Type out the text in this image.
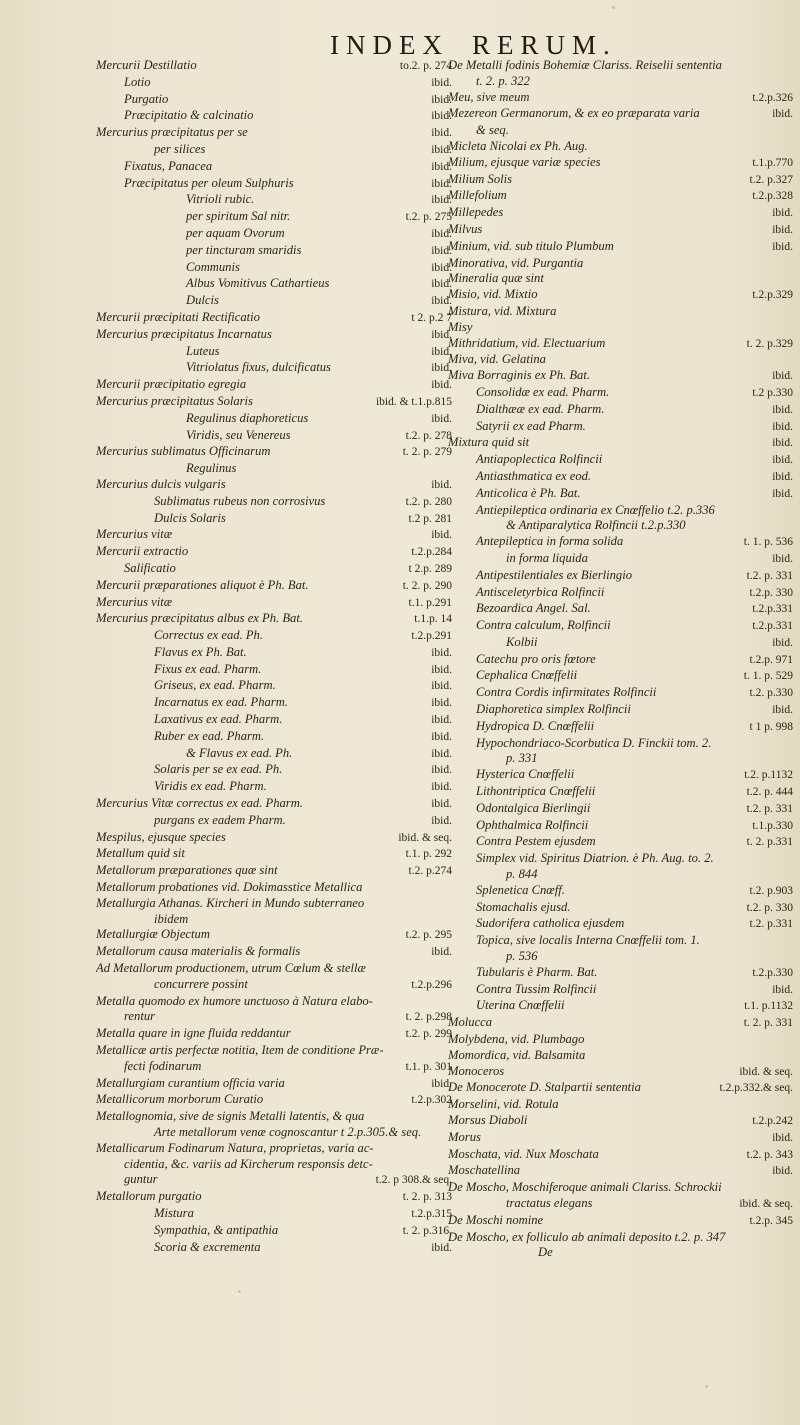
INDEX RERUM.
Mercurii Destillatio	to.2. p. 274
Lotio	ibid.
Purgatio	ibid.
Præcipitatio & calcinatio	ibid.
Mercurius præcipitatus per se	ibid.
per silices	ibid.
Fixatus, Panacea	ibid.
Præcipitatus per oleum Sulphuris	ibid.
Vitrioli rubic.	ibid.
per spiritum Sal nitr.	t.2. p. 275
per aquam Ovorum	ibid.
per tincturam smaridis	ibid.
Communis	ibid.
Albus Vomitivus Cathartieus	ibid.
Dulcis	ibid.
Mercurii præcipitati Rectificatio	t 2. p.2 7
Mercurius præcipitatus Incarnatus	ibid.
Luteus	ibid.
Vitriolatus fixus, dulcificatus	ibid.
Mercurii præcipitatio egregia	ibid.
Mercurius præcipitatus Solaris	ibid. & t.1.p.815
Regulinus diaphoreticus	ibid.
Viridis, seu Venereus	t.2. p. 278
Mercurius sublimatus Officinarum	t. 2. p. 279
Regulinus
Mercurius dulcis vulgaris	ibid.
Sublimatus rubeus non corrosivus	t.2. p. 280
Dulcis Solaris	t.2 p. 281
Mercurius vitæ	ibid.
Mercurii extractio	t.2.p.284
Salificatio	t 2.p. 289
Mercurii præparationes aliquot è Ph. Bat.	t. 2. p. 290
Mercurius vitæ	t.1. p.291
Mercurius præcipitatus albus ex Ph. Bat.	t.1.p. 14
Correctus ex ead. Ph.	t.2.p.291
Flavus ex Ph. Bat.	ibid.
Fixus ex ead. Pharm.	ibid.
Griseus, ex ead. Pharm.	ibid.
Incarnatus ex ead. Pharm.	ibid.
Laxativus ex ead. Pharm.	ibid.
Ruber ex ead. Pharm.	ibid.
& Flavus ex ead. Ph.	ibid.
Solaris per se ex ead. Ph.	ibid.
Viridis ex ead. Pharm.	ibid.
Mercurius Vitæ correctus ex ead. Pharm.	ibid.
purgans ex eadem Pharm.	ibid.
Mespilus, ejusque species	ibid. & seq.
Metallum quid sit	t.1. p. 292
Metallorum præparationes quæ sint	t.2. p.274
Metallorum probationes vid. Dokimasstice Metallica
Metallurgia Athanas. Kircheri in Mundo subterraneo
ibidem
Metallurgiæ Objectum	t.2. p. 295
Metallorum causa materialis & formalis	ibid.
Ad Metallorum productionem, utrum Cœlum & stellæ
concurrere possint	t.2.p.296
Metalla quomodo ex humore unctuoso à Natura elabo-
rentur	t. 2. p.298
Metalla quare in igne fluida reddantur	t.2. p. 299
Metallicæ artis perfectæ notitia, Item de conditione Præ-
fecti fodinarum	t.1. p. 301
Metallurgiam curantium officia varia	ibid.
Metallicorum morborum Curatio	t.2.p.302
Metallognomia, sive de signis Metalli latentis, & qua
Arte metallorum venæ cognoscantur t 2.p.305.& seq.
Metallicarum Fodinarum Natura, proprietas, varia ac-
cidentia, &c. variis ad Kircherum responsis detc-
guntur	t.2. p 308.& seq.
Metallorum purgatio	t. 2. p. 313
Mistura	t.2.p.315
Sympathia, & antipathia	t. 2. p.316.
Scoria & excrementa	ibid.
De Metalli fodinis Bohemiæ Clariss. Reiselii sententia
t. 2. p. 322
Meu, sive meum	t.2.p.326
Mezereon Germanorum, & ex eo præparata varia	ibid.
& seq.
Micleta Nicolai ex Ph. Aug.
Milium, ejusque variæ species	t.1.p.770
Milium Solis	t.2. p.327
Millefolium	t.2.p.328
Millepedes	ibid.
Milvus	ibid.
Minium, vid. sub titulo Plumbum	ibid.
Minorativa, vid. Purgantia
Mineralia quæ sint
Misio, vid. Mixtio	t.2.p.329
Mistura, vid. Mixtura
Misy
Mithridatium, vid. Electuarium	t. 2. p.329
Miva, vid. Gelatina
Miva Borraginis ex Ph. Bat.	ibid.
Consolidæ ex ead. Pharm.	t.2 p.330
Dialthææ ex ead. Pharm.	ibid.
Satyrii ex ead Pharm.	ibid.
Mixtura quid sit	ibid.
Antiapoplectica Rolfincii	ibid.
Antiasthmatica ex eod.	ibid.
Anticolica è Ph. Bat.	ibid.
Antiepileptica ordinaria ex Cnœffelio t.2. p.336
& Antiparalytica Rolfincii t.2.p.330
Antepileptica in forma solida	t. 1. p. 536
in forma liquida	ibid.
Antipestilentiales ex Bierlingio	t.2. p. 331
Antisceletyrbica Rolfincii	t.2.p. 330
Bezoardica Angel. Sal.	t.2.p.331
Contra calculum, Rolfincii	t.2.p.331
Kolbii	ibid.
Catechu pro oris fœtore	t.2.p. 971
Cephalica Cnœffelii	t. 1. p. 529
Contra Cordis infirmitates Rolfincii	t.2. p.330
Diaphoretica simplex Rolfincii	ibid.
Hydropica D. Cnœffelii	t 1 p. 998
Hypochondriaco-Scorbutica D. Finckii tom. 2.
p. 331
Hysterica Cnœffelii	t.2. p.1132
Lithontriptica Cnœffelii	t.2. p. 444
Odontalgica Bierlingii	t.2. p. 331
Ophthalmica Rolfincii	t.1.p.330
Contra Pestem ejusdem	t. 2. p.331
Simplex vid. Spiritus Diatrion. è Ph. Aug. to. 2.
p. 844
Splenetica Cnœff.	t.2. p.903
Stomachalis ejusd.	t.2. p. 330
Sudorifera catholica ejusdem	t.2. p.331
Topica, sive localis Interna Cnœffelii tom. 1.
p. 536
Tubularis è Pharm. Bat.	t.2.p.330
Contra Tussim Rolfincii	ibid.
Uterina Cnœffelii	t.1. p.1132
Molucca	t. 2. p. 331
Molybdena, vid. Plumbago
Momordica, vid. Balsamita
Monoceros	ibid. & seq.
De Monocerote D. Stalpartii sententia	t.2.p.332.& seq.
Morselini, vid. Rotula
Morsus Diaboli	t.2.p.242
Morus	ibid.
Moschata, vid. Nux Moschata	t.2. p. 343
Moschatellina	ibid.
De Moscho, Moschiferoque animali Clariss. Schrockii
tractatus elegans	ibid. & seq.
De Moschi nomine	t.2.p. 345
De Moscho, ex folliculo ab animali deposito t.2. p. 347
De
